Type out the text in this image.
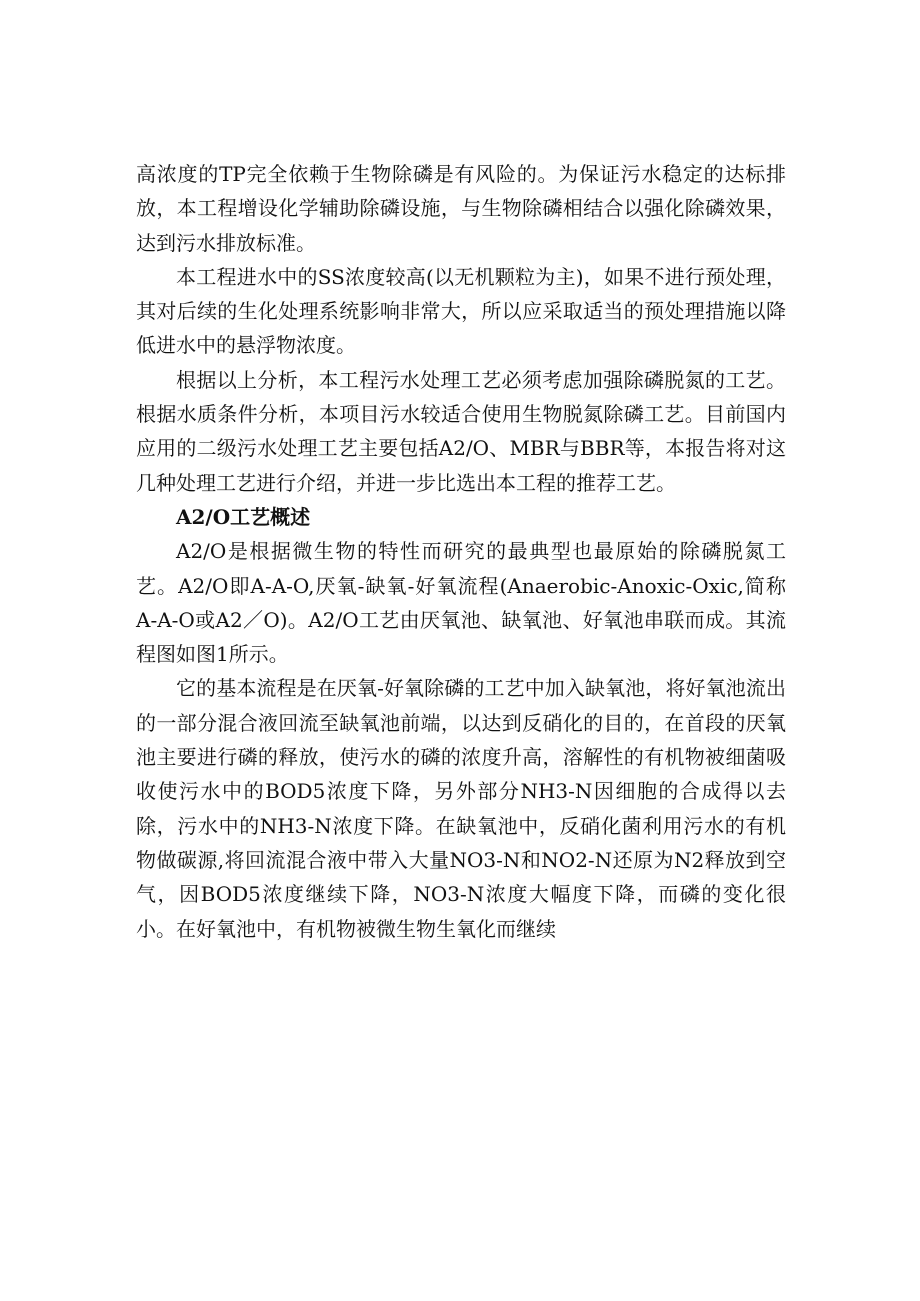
高浓度的TP完全依赖于生物除磷是有风险的。为保证污水稳定的达标排放，本工程增设化学辅助除磷设施，与生物除磷相结合以强化除磷效果，达到污水排放标准。

本工程进水中的SS浓度较高(以无机颗粒为主)，如果不进行预处理，其对后续的生化处理系统影响非常大，所以应采取适当的预处理措施以降低进水中的悬浮物浓度。

根据以上分析，本工程污水处理工艺必须考虑加强除磷脱氮的工艺。根据水质条件分析，本项目污水较适合使用生物脱氮除磷工艺。目前国内应用的二级污水处理工艺主要包括A2/O、MBR与BBR等，本报告将对这几种处理工艺进行介绍，并进一步比选出本工程的推荐工艺。

A2/O工艺概述

A2/O是根据微生物的特性而研究的最典型也最原始的除磷脱氮工艺。A2/O即A-A-O,厌氧-缺氧-好氧流程(Anaerobic-Anoxic-Oxic,简称A-A-O或A2／O)。A2/O工艺由厌氧池、缺氧池、好氧池串联而成。其流程图如图1所示。

它的基本流程是在厌氧-好氧除磷的工艺中加入缺氧池，将好氧池流出的一部分混合液回流至缺氧池前端，以达到反硝化的目的，在首段的厌氧池主要进行磷的释放，使污水的磷的浓度升高，溶解性的有机物被细菌吸收使污水中的BOD5浓度下降，另外部分NH3-N因细胞的合成得以去除，污水中的NH3-N浓度下降。在缺氧池中，反硝化菌利用污水的有机物做碳源,将回流混合液中带入大量NO3-N和NO2-N还原为N2释放到空气，因BOD5浓度继续下降，NO3-N浓度大幅度下降，而磷的变化很小。在好氧池中，有机物被微生物生氧化而继续
